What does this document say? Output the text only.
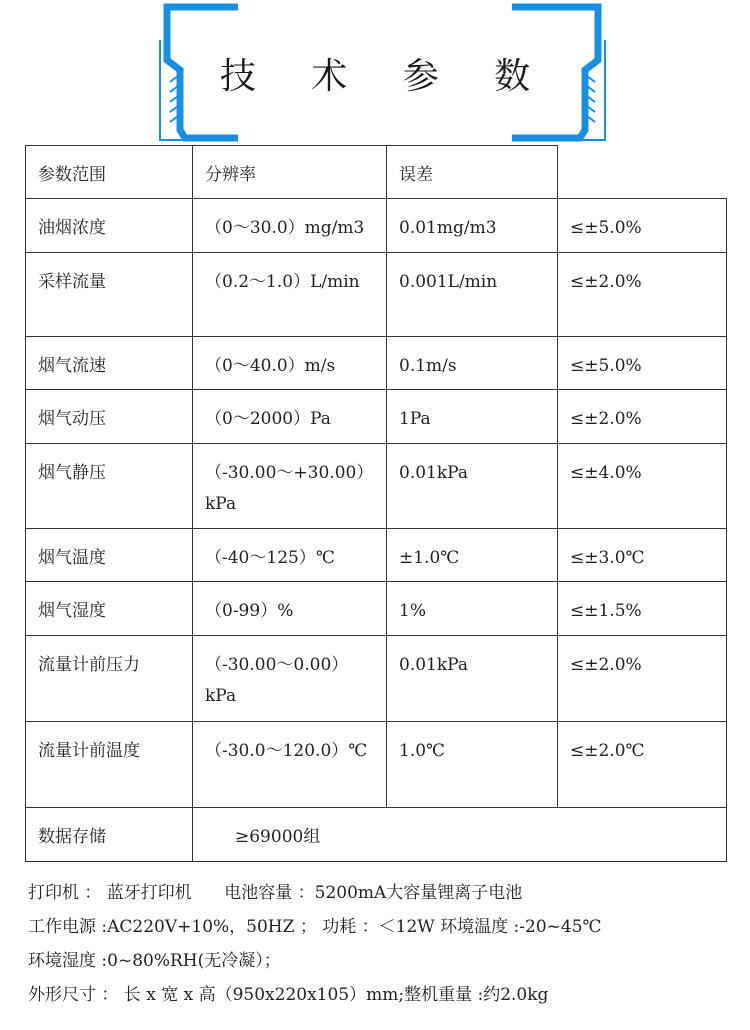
技 术 参 数
参数范围	分辨率	误差	
油烟浓度	（0～30.0）mg/m3	0.01mg/m3	≤±5.0%
采样流量	（0.2～1.0）L/min	0.001L/min	≤±2.0%
烟气流速	（0～40.0）m/s	0.1m/s	≤±5.0%
烟气动压	（0～2000）Pa	1Pa	≤±2.0%
烟气静压	（-30.00～+30.00）kPa	0.01kPa	≤±4.0%
烟气温度	（-40～125）℃	±1.0℃	≤±3.0℃
烟气湿度	（0-99）%	1%	≤±1.5%
流量计前压力	（-30.00～0.00）kPa	0.01kPa	≤±2.0%
流量计前温度	（-30.0～120.0）℃	1.0℃	≤±2.0℃
数据存储	≥69000组		
打印机 ： 蓝牙打印机      电池容量 ：5200mA大容量锂离子电池
工作电源 :AC220V+10%，50HZ ； 功耗 ：＜12W 环境温度 :-20~45℃
环境湿度 :0~80%RH(无冷凝）；
外形尺寸 ： 长 x 宽 x 高（950x220x105）mm;整机重量 :约2.0kg
